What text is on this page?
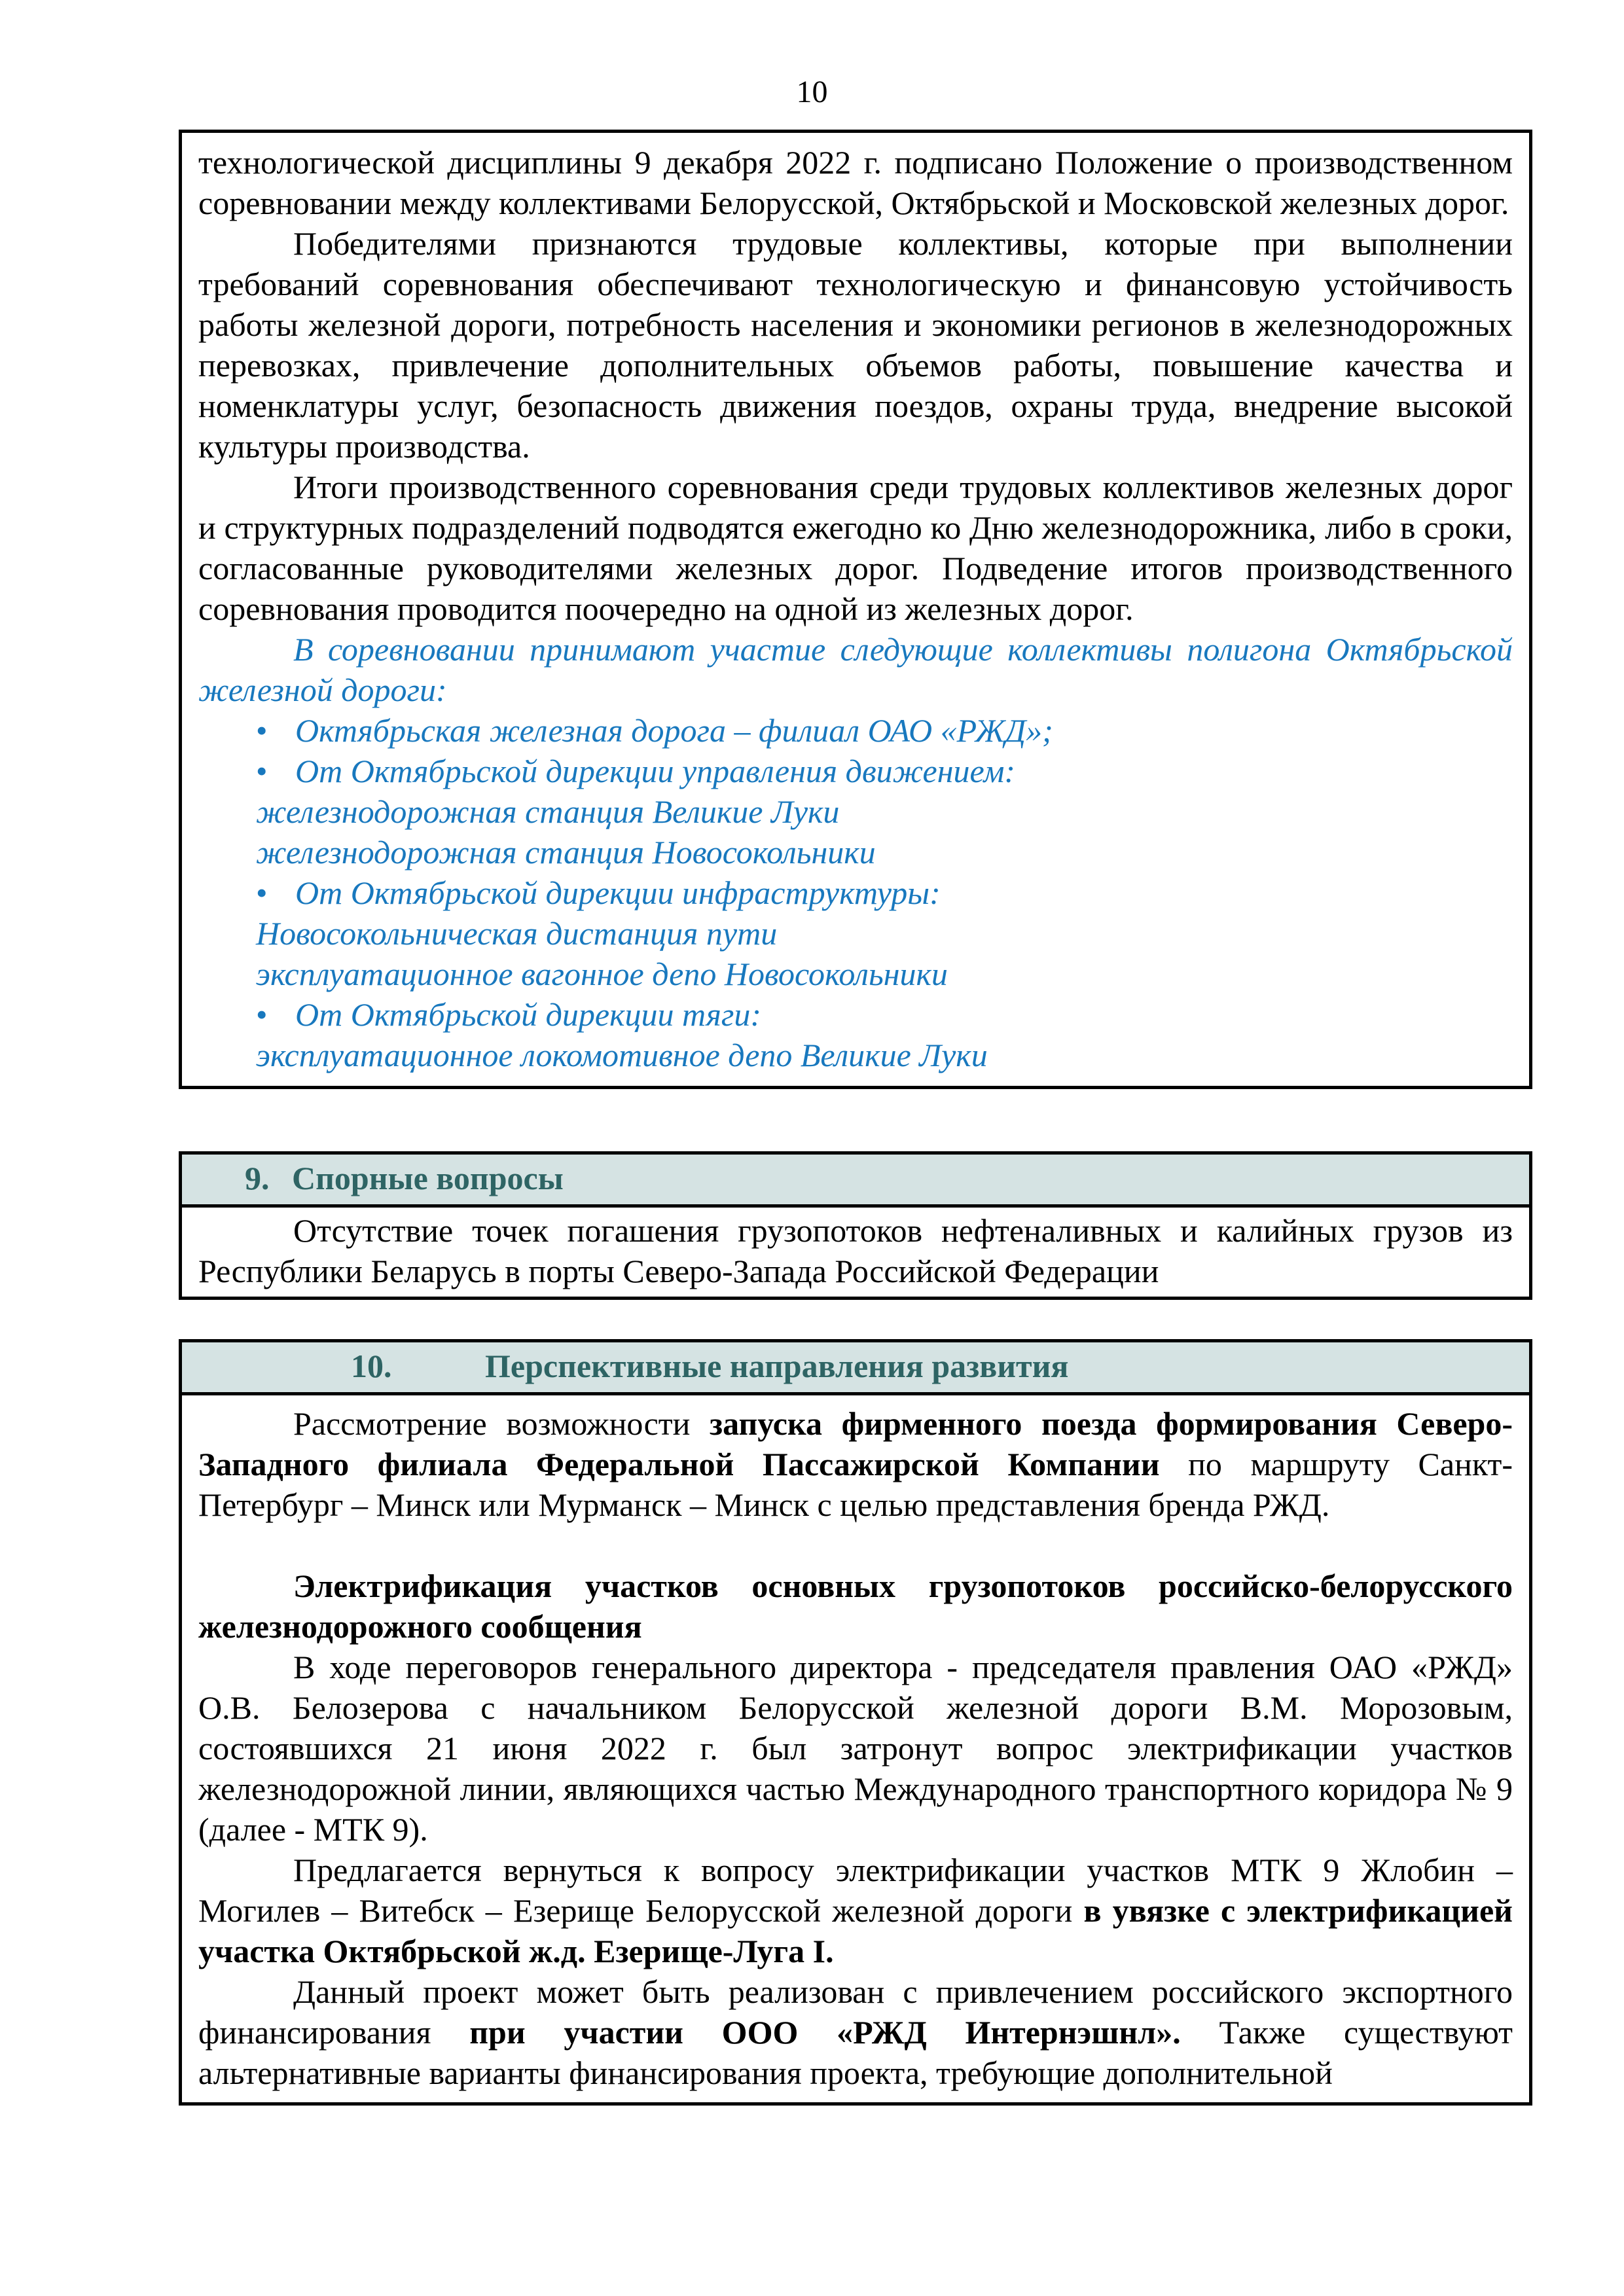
10
технологической дисциплины 9 декабря 2022 г. подписано Положение о производственном соревновании между коллективами Белорусской, Октябрьской и Московской железных дорог.
Победителями признаются трудовые коллективы, которые при выполнении требований соревнования обеспечивают технологическую и финансовую устойчивость работы железной дороги, потребность населения и экономики регионов в железнодорожных перевозках, привлечение дополнительных объемов работы, повышение качества и номенклатуры услуг, безопасность движения поездов, охраны труда, внедрение высокой культуры производства.
Итоги производственного соревнования среди трудовых коллективов железных дорог и структурных подразделений подводятся ежегодно ко Дню железнодорожника, либо в сроки, согласованные руководителями железных дорог. Подведение итогов производственного соревнования проводится поочередно на одной из железных дорог.
В соревновании принимают участие следующие коллективы полигона Октябрьской железной дороги:
• Октябрьская железная дорога – филиал ОАО «РЖД»;
• От Октябрьской дирекции управления движением:
железнодорожная станция Великие Луки
железнодорожная станция Новосокольники
• От Октябрьской дирекции инфраструктуры:
Новосокольническая дистанция пути
эксплуатационное вагонное депо Новосокольники
• От Октябрьской дирекции тяги:
эксплуатационное локомотивное депо Великие Луки
9. Спорные вопросы
Отсутствие точек погашения грузопотоков нефтеналивных и калийных грузов из Республики Беларусь в порты Северо-Запада Российской Федерации
10.	Перспективные направления развития
Рассмотрение возможности запуска фирменного поезда формирования Северо-Западного филиала Федеральной Пассажирской Компании по маршруту Санкт-Петербург – Минск или Мурманск – Минск с целью представления бренда РЖД.
Электрификация участков основных грузопотоков российско-белорусского железнодорожного сообщения
В ходе переговоров генерального директора - председателя правления ОАО «РЖД» О.В. Белозерова с начальником Белорусской железной дороги В.М. Морозовым, состоявшихся 21 июня 2022 г. был затронут вопрос электрификации участков железнодорожной линии, являющихся частью Международного транспортного коридора № 9 (далее - МТК 9).
Предлагается вернуться к вопросу электрификации участков МТК 9 Жлобин – Могилев – Витебск – Езерище Белорусской железной дороги в увязке с электрификацией участка Октябрьской ж.д. Езерище-Луга I.
Данный проект может быть реализован с привлечением российского экспортного финансирования при участии ООО «РЖД Интернэшнл». Также существуют альтернативные варианты финансирования проекта, требующие дополнительной
